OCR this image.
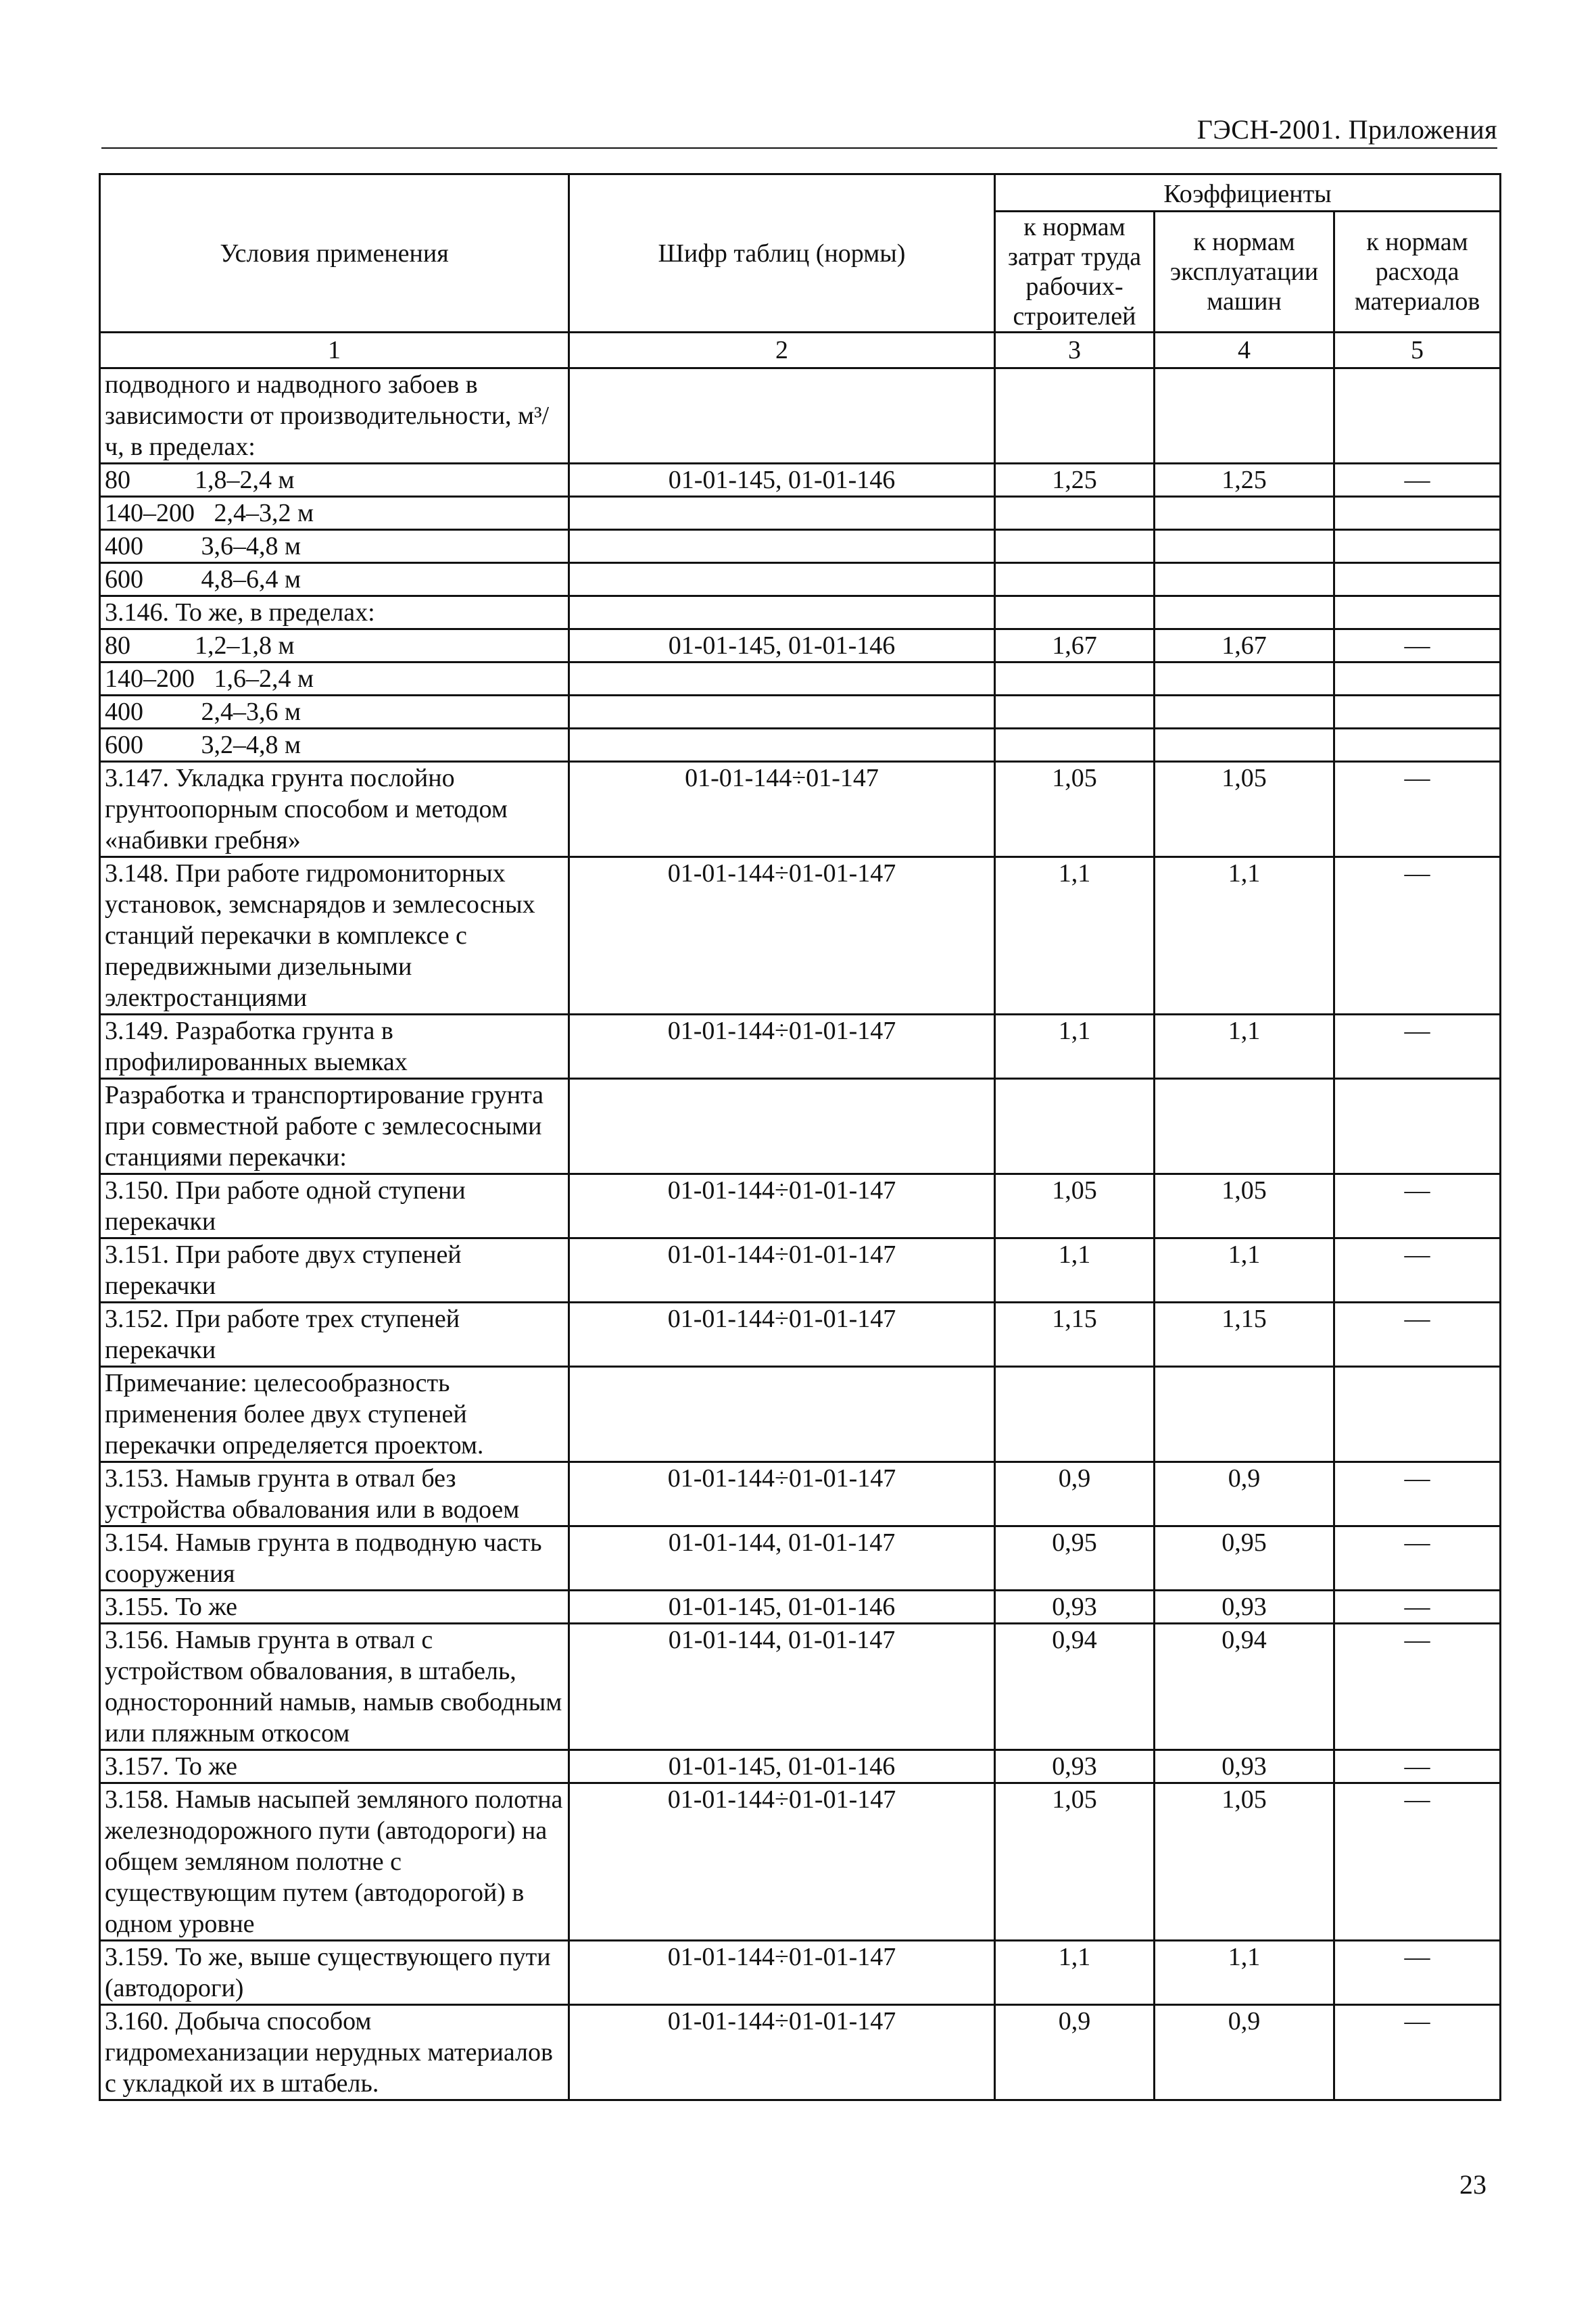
ГЭСН-2001. Приложения
Условия применения	Шифр таблиц (нормы)	Коэффициенты		
		к нормам затрат труда рабочих-строителей	к нормам эксплуатации машин	к нормам расхода материалов
1	2	3	4	5
подводного и надводного забоев в зависимости от производительности, м³/ч, в пределах:				
80          1,8–2,4 м	01-01-145, 01-01-146	1,25	1,25	—
140–200   2,4–3,2 м				
400         3,6–4,8 м				
600         4,8–6,4 м				
3.146. То же, в пределах:				
80          1,2–1,8 м	01-01-145, 01-01-146	1,67	1,67	—
140–200   1,6–2,4 м				
400         2,4–3,6 м				
600         3,2–4,8 м				
3.147. Укладка грунта послойно грунтоопорным способом и методом «набивки гребня»	01-01-144÷01-147	1,05	1,05	—
3.148. При работе гидромониторных установок, земснарядов и землесосных станций перекачки в комплексе с передвижными дизельными электростанциями	01-01-144÷01-01-147	1,1	1,1	—
3.149. Разработка грунта в профилированных выемках	01-01-144÷01-01-147	1,1	1,1	—
Разработка и транспортирование грунта при совместной работе с землесосными станциями перекачки:				
3.150. При работе одной ступени перекачки	01-01-144÷01-01-147	1,05	1,05	—
3.151. При работе двух ступеней перекачки	01-01-144÷01-01-147	1,1	1,1	—
3.152. При работе трех ступеней перекачки	01-01-144÷01-01-147	1,15	1,15	—
Примечание: целесообразность применения более двух ступеней перекачки определяется проектом.				
3.153. Намыв грунта в отвал без устройства обвалования или в водоем	01-01-144÷01-01-147	0,9	0,9	—
3.154. Намыв грунта в подводную часть сооружения	01-01-144, 01-01-147	0,95	0,95	—
3.155. То же	01-01-145, 01-01-146	0,93	0,93	—
3.156. Намыв грунта в отвал с устройством обвалования, в штабель, односторонний намыв, намыв свободным или пляжным откосом	01-01-144, 01-01-147	0,94	0,94	—
3.157. То же	01-01-145, 01-01-146	0,93	0,93	—
3.158. Намыв насыпей земляного полотна железнодорожного пути (автодороги) на общем земляном полотне с существующим путем (автодорогой) в одном уровне	01-01-144÷01-01-147	1,05	1,05	—
3.159. То же, выше существующего пути (автодороги)	01-01-144÷01-01-147	1,1	1,1	—
3.160. Добыча способом гидромеханизации нерудных материалов с укладкой их в штабель.	01-01-144÷01-01-147	0,9	0,9	—
23
